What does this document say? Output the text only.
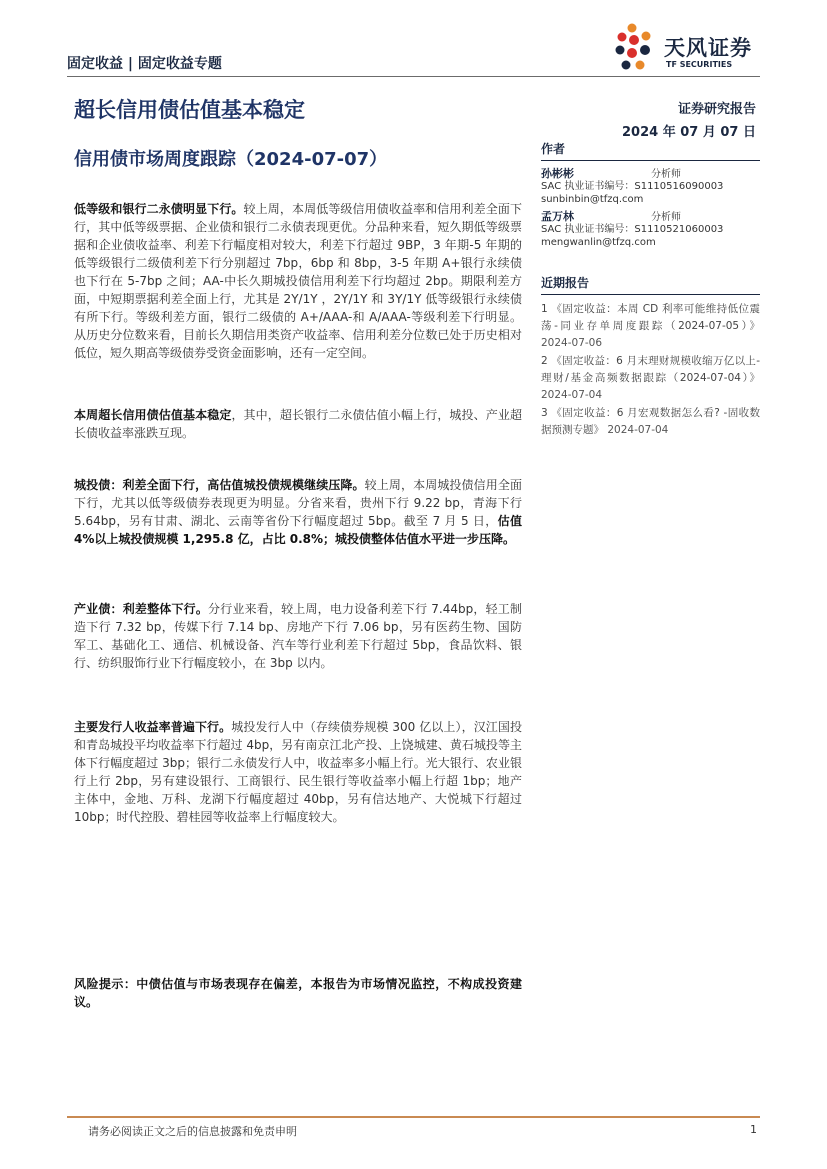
固定收益 | 固定收益专题
天风证券
TF SECURITIES
超长信用债估值基本稳定	证券研究报告
2024 年 07 月 07 日
信用债市场周度跟踪（2024-07-07）	作者
孙彬彬	分析师
SAC 执业证书编号：S1110516090003
sunbinbin@tfzq.com
孟万林	分析师
SAC 执业证书编号：S1110521060003
mengwanlin@tfzq.com
近期报告
1 《固定收益：本周 CD 利率可能维持低位震荡-同业存单周度跟踪（2024-07-05）》 2024-07-06
2 《固定收益：6 月末理财规模收缩万亿以上-理财/基金高频数据跟踪（2024-07-04）》 2024-07-04
3 《固定收益：6 月宏观数据怎么看? -固收数据预测专题》 2024-07-04
低等级和银行二永债明显下行。较上周，本周低等级信用债收益率和信用利差全面下行，其中低等级票据、企业债和银行二永债表现更优。分品种来看，短久期低等级票据和企业债收益率、利差下行幅度相对较大，利差下行超过 9BP，3 年期-5 年期的低等级银行二级债利差下行分别超过 7bp，6bp 和 8bp，3-5 年期 A+银行永续债也下行在 5-7bp 之间；AA-中长久期城投债信用利差下行均超过 2bp。期限利差方面，中短期票据利差全面上行，尤其是 2Y/1Y ，2Y/1Y 和 3Y/1Y 低等级银行永续债有所下行。等级利差方面，银行二级债的 A+/AAA-和 A/AAA-等级利差下行明显。从历史分位数来看，目前长久期信用类资产收益率、信用利差分位数已处于历史相对低位，短久期高等级债券受资金面影响，还有一定空间。
本周超长信用债估值基本稳定，其中，超长银行二永债估值小幅上行，城投、产业超长债收益率涨跌互现。
城投债：利差全面下行，高估值城投债规模继续压降。较上周，本周城投债信用全面下行，尤其以低等级债券表现更为明显。分省来看，贵州下行 9.22 bp，青海下行 5.64bp，另有甘肃、湖北、云南等省份下行幅度超过 5bp。截至 7 月 5 日，估值 4%以上城投债规模 1,295.8 亿，占比 0.8%；城投债整体估值水平进一步压降。
产业债：利差整体下行。分行业来看，较上周，电力设备利差下行 7.44bp，轻工制造下行 7.32 bp，传媒下行 7.14 bp、房地产下行 7.06 bp，另有医药生物、国防军工、基础化工、通信、机械设备、汽车等行业利差下行超过 5bp，食品饮料、银行、纺织服饰行业下行幅度较小，在 3bp 以内。
主要发行人收益率普遍下行。城投发行人中（存续债券规模 300 亿以上），汉江国投和青岛城投平均收益率下行超过 4bp，另有南京江北产投、上饶城建、黄石城投等主体下行幅度超过 3bp；银行二永债发行人中，收益率多小幅上行。光大银行、农业银行上行 2bp，另有建设银行、工商银行、民生银行等收益率小幅上行超 1bp；地产主体中，金地、万科、龙湖下行幅度超过 40bp，另有信达地产、大悦城下行超过 10bp；时代控股、碧桂园等收益率上行幅度较大。
风险提示：中债估值与市场表现存在偏差，本报告为市场情况监控，不构成投资建议。
请务必阅读正文之后的信息披露和免责申明	1
